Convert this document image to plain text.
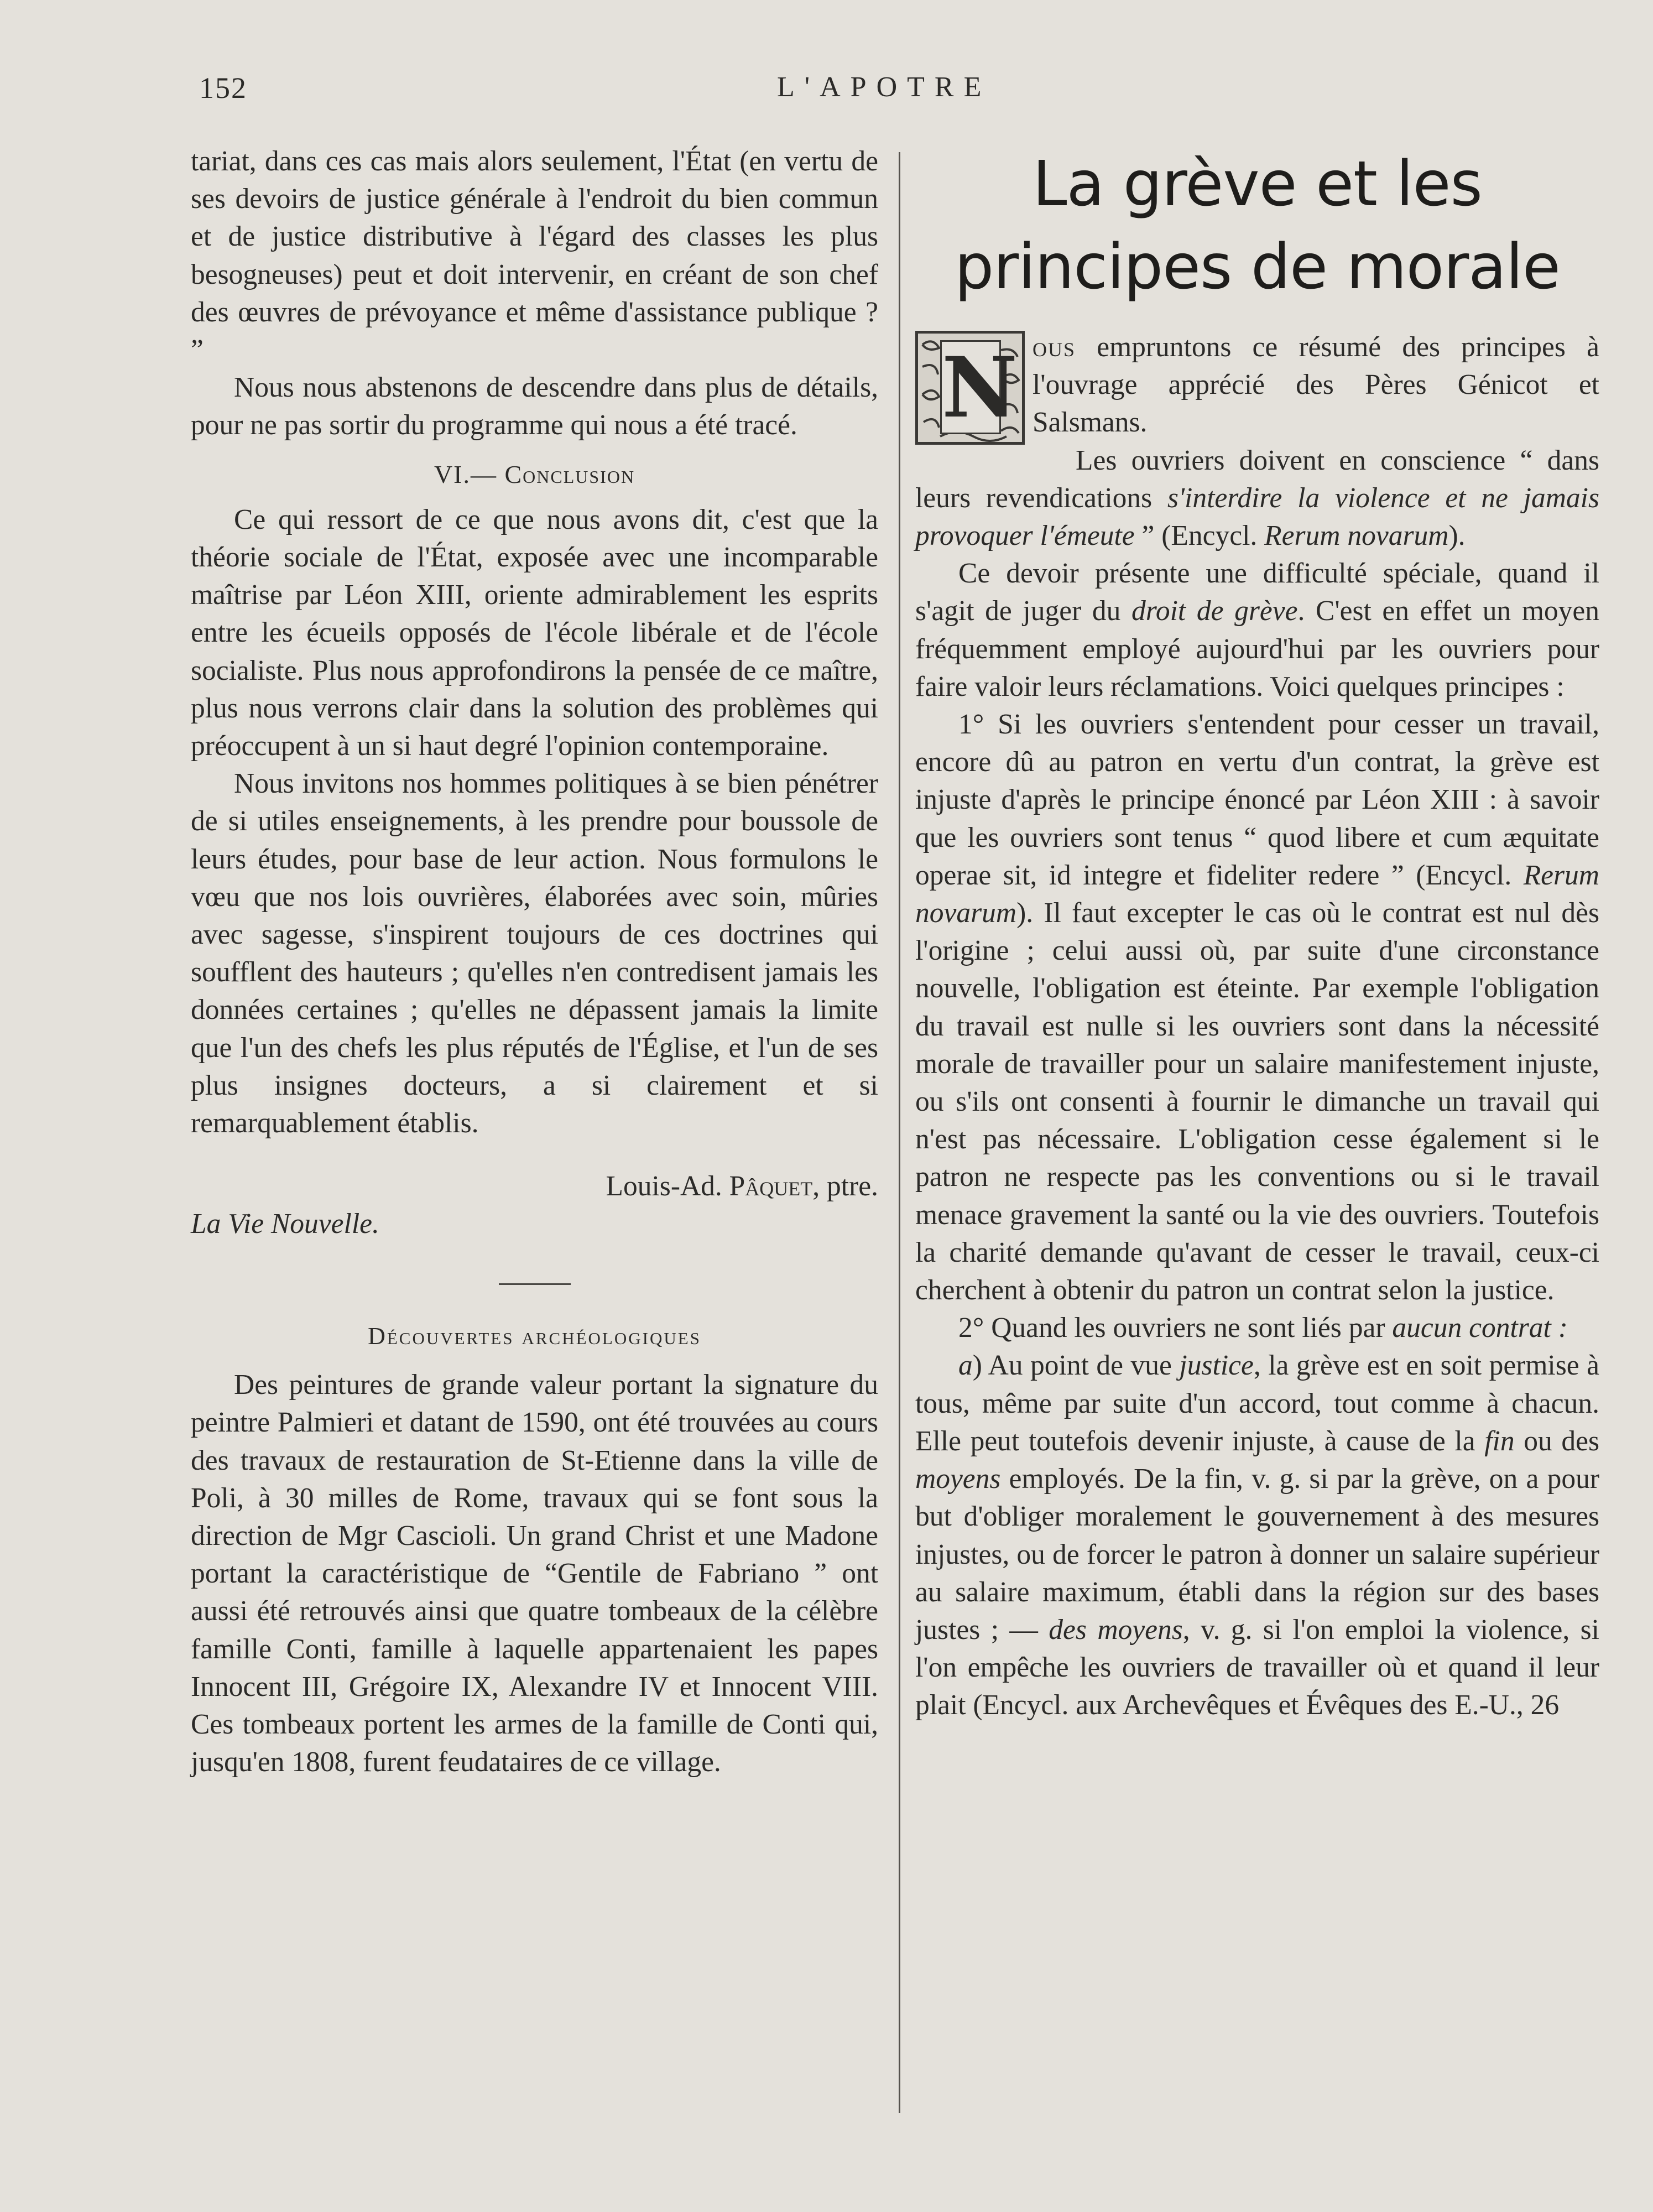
152	L'APOTRE

tariat, dans ces cas mais alors seulement, l'État (en vertu de ses devoirs de justice générale à l'endroit du bien commun et de justice distributive à l'égard des classes les plus besogneuses) peut et doit intervenir, en créant de son chef des œuvres de prévoyance et même d'assistance publique ? ”

Nous nous abstenons de descendre dans plus de détails, pour ne pas sortir du programme qui nous a été tracé.

VI.— Conclusion

Ce qui ressort de ce que nous avons dit, c'est que la théorie sociale de l'État, exposée avec une incomparable maîtrise par Léon XIII, oriente admirablement les esprits entre les écueils opposés de l'école libérale et de l'école socialiste. Plus nous approfondirons la pensée de ce maître, plus nous verrons clair dans la solution des problèmes qui préoccupent à un si haut degré l'opinion contemporaine.

Nous invitons nos hommes politiques à se bien pénétrer de si utiles enseignements, à les prendre pour boussole de leurs études, pour base de leur action. Nous formulons le vœu que nos lois ouvrières, élaborées avec soin, mûries avec sagesse, s'inspirent toujours de ces doctrines qui soufflent des hauteurs ; qu'elles n'en contredisent jamais les données certaines ; qu'elles ne dépassent jamais la limite que l'un des chefs les plus réputés de l'Église, et l'un de ses plus insignes docteurs, a si clairement et si remarquablement établis.

Louis-Ad. Pâquet, ptre.
La Vie Nouvelle.
Découvertes archéologiques

Des peintures de grande valeur portant la signature du peintre Palmieri et datant de 1590, ont été trouvées au cours des travaux de restauration de St-Etienne dans la ville de Poli, à 30 milles de Rome, travaux qui se font sous la direction de Mgr Cascioli. Un grand Christ et une Madone portant la caractéristique de “Gentile de Fabriano ” ont aussi été retrouvés ainsi que quatre tombeaux de la célèbre famille Conti, famille à laquelle appartenaient les papes Innocent III, Grégoire IX, Alexandre IV et Innocent VIII. Ces tombeaux portent les armes de la famille de Conti qui, jusqu'en 1808, furent feudataires de ce village.

La grève et les principes de morale
N ous empruntons ce résumé des principes à l'ouvrage apprécié des Pères Génicot et Salsmans.

Les ouvriers doivent en conscience “ dans leurs revendications s'interdire la violence et ne jamais provoquer l'émeute ” (Encycl. Rerum novarum).

Ce devoir présente une difficulté spéciale, quand il s'agit de juger du droit de grève. C'est en effet un moyen fréquemment employé aujourd'hui par les ouvriers pour faire valoir leurs réclamations. Voici quelques principes :

1° Si les ouvriers s'entendent pour cesser un travail, encore dû au patron en vertu d'un contrat, la grève est injuste d'après le principe énoncé par Léon XIII : à savoir que les ouvriers sont tenus “ quod libere et cum æquitate operae sit, id integre et fideliter redere ” (Encycl. Rerum novarum). Il faut excepter le cas où le contrat est nul dès l'origine ; celui aussi où, par suite d'une circonstance nouvelle, l'obligation est éteinte. Par exemple l'obligation du travail est nulle si les ouvriers sont dans la nécessité morale de travailler pour un salaire manifestement injuste, ou s'ils ont consenti à fournir le dimanche un travail qui n'est pas nécessaire. L'obligation cesse également si le patron ne respecte pas les conventions ou si le travail menace gravement la santé ou la vie des ouvriers. Toutefois la charité demande qu'avant de cesser le travail, ceux-ci cherchent à obtenir du patron un contrat selon la justice.

2° Quand les ouvriers ne sont liés par aucun contrat :

a) Au point de vue justice, la grève est en soit permise à tous, même par suite d'un accord, tout comme à chacun. Elle peut toutefois devenir injuste, à cause de la fin ou des moyens employés. De la fin, v. g. si par la grève, on a pour but d'obliger moralement le gouvernement à des mesures injustes, ou de forcer le patron à donner un salaire supérieur au salaire maximum, établi dans la région sur des bases justes ; — des moyens, v. g. si l'on emploi la violence, si l'on empêche les ouvriers de travailler où et quand il leur plait (Encycl. aux Archevêques et Évêques des E.-U., 26
